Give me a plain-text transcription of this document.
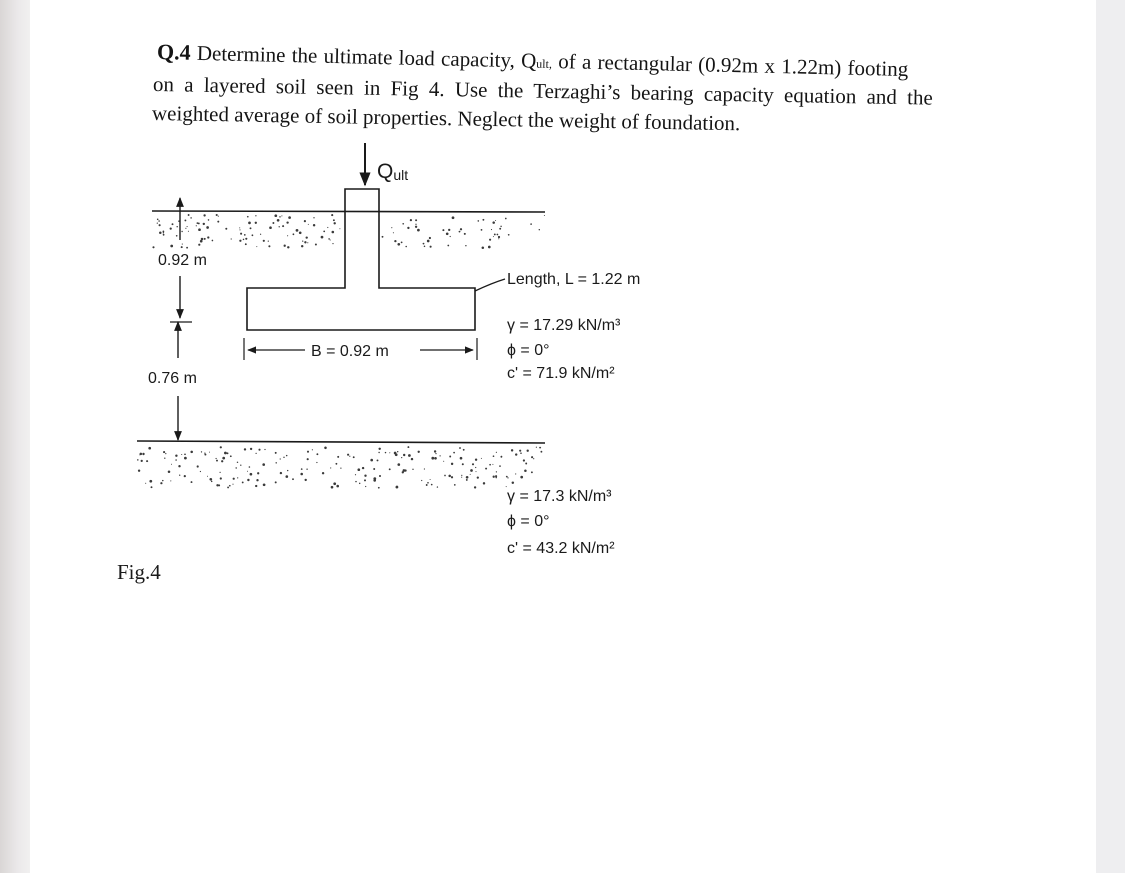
Q.4 Determine the ultimate load capacity, Qult, of a rectangular (0.92m x 1.22m) footing

on a layered soil seen in Fig 4. Use the Terzaghi’s bearing capacity equation and the

weighted average of soil properties. Neglect the weight of foundation.

Qult
0.92 m
0.76 m
B = 0.92 m
Length, L = 1.22 m
γ = 17.29 kN/m³
ϕ = 0°
c' = 71.9 kN/m²
γ = 17.3 kN/m³
ϕ = 0°
c' = 43.2 kN/m²

Fig.4
